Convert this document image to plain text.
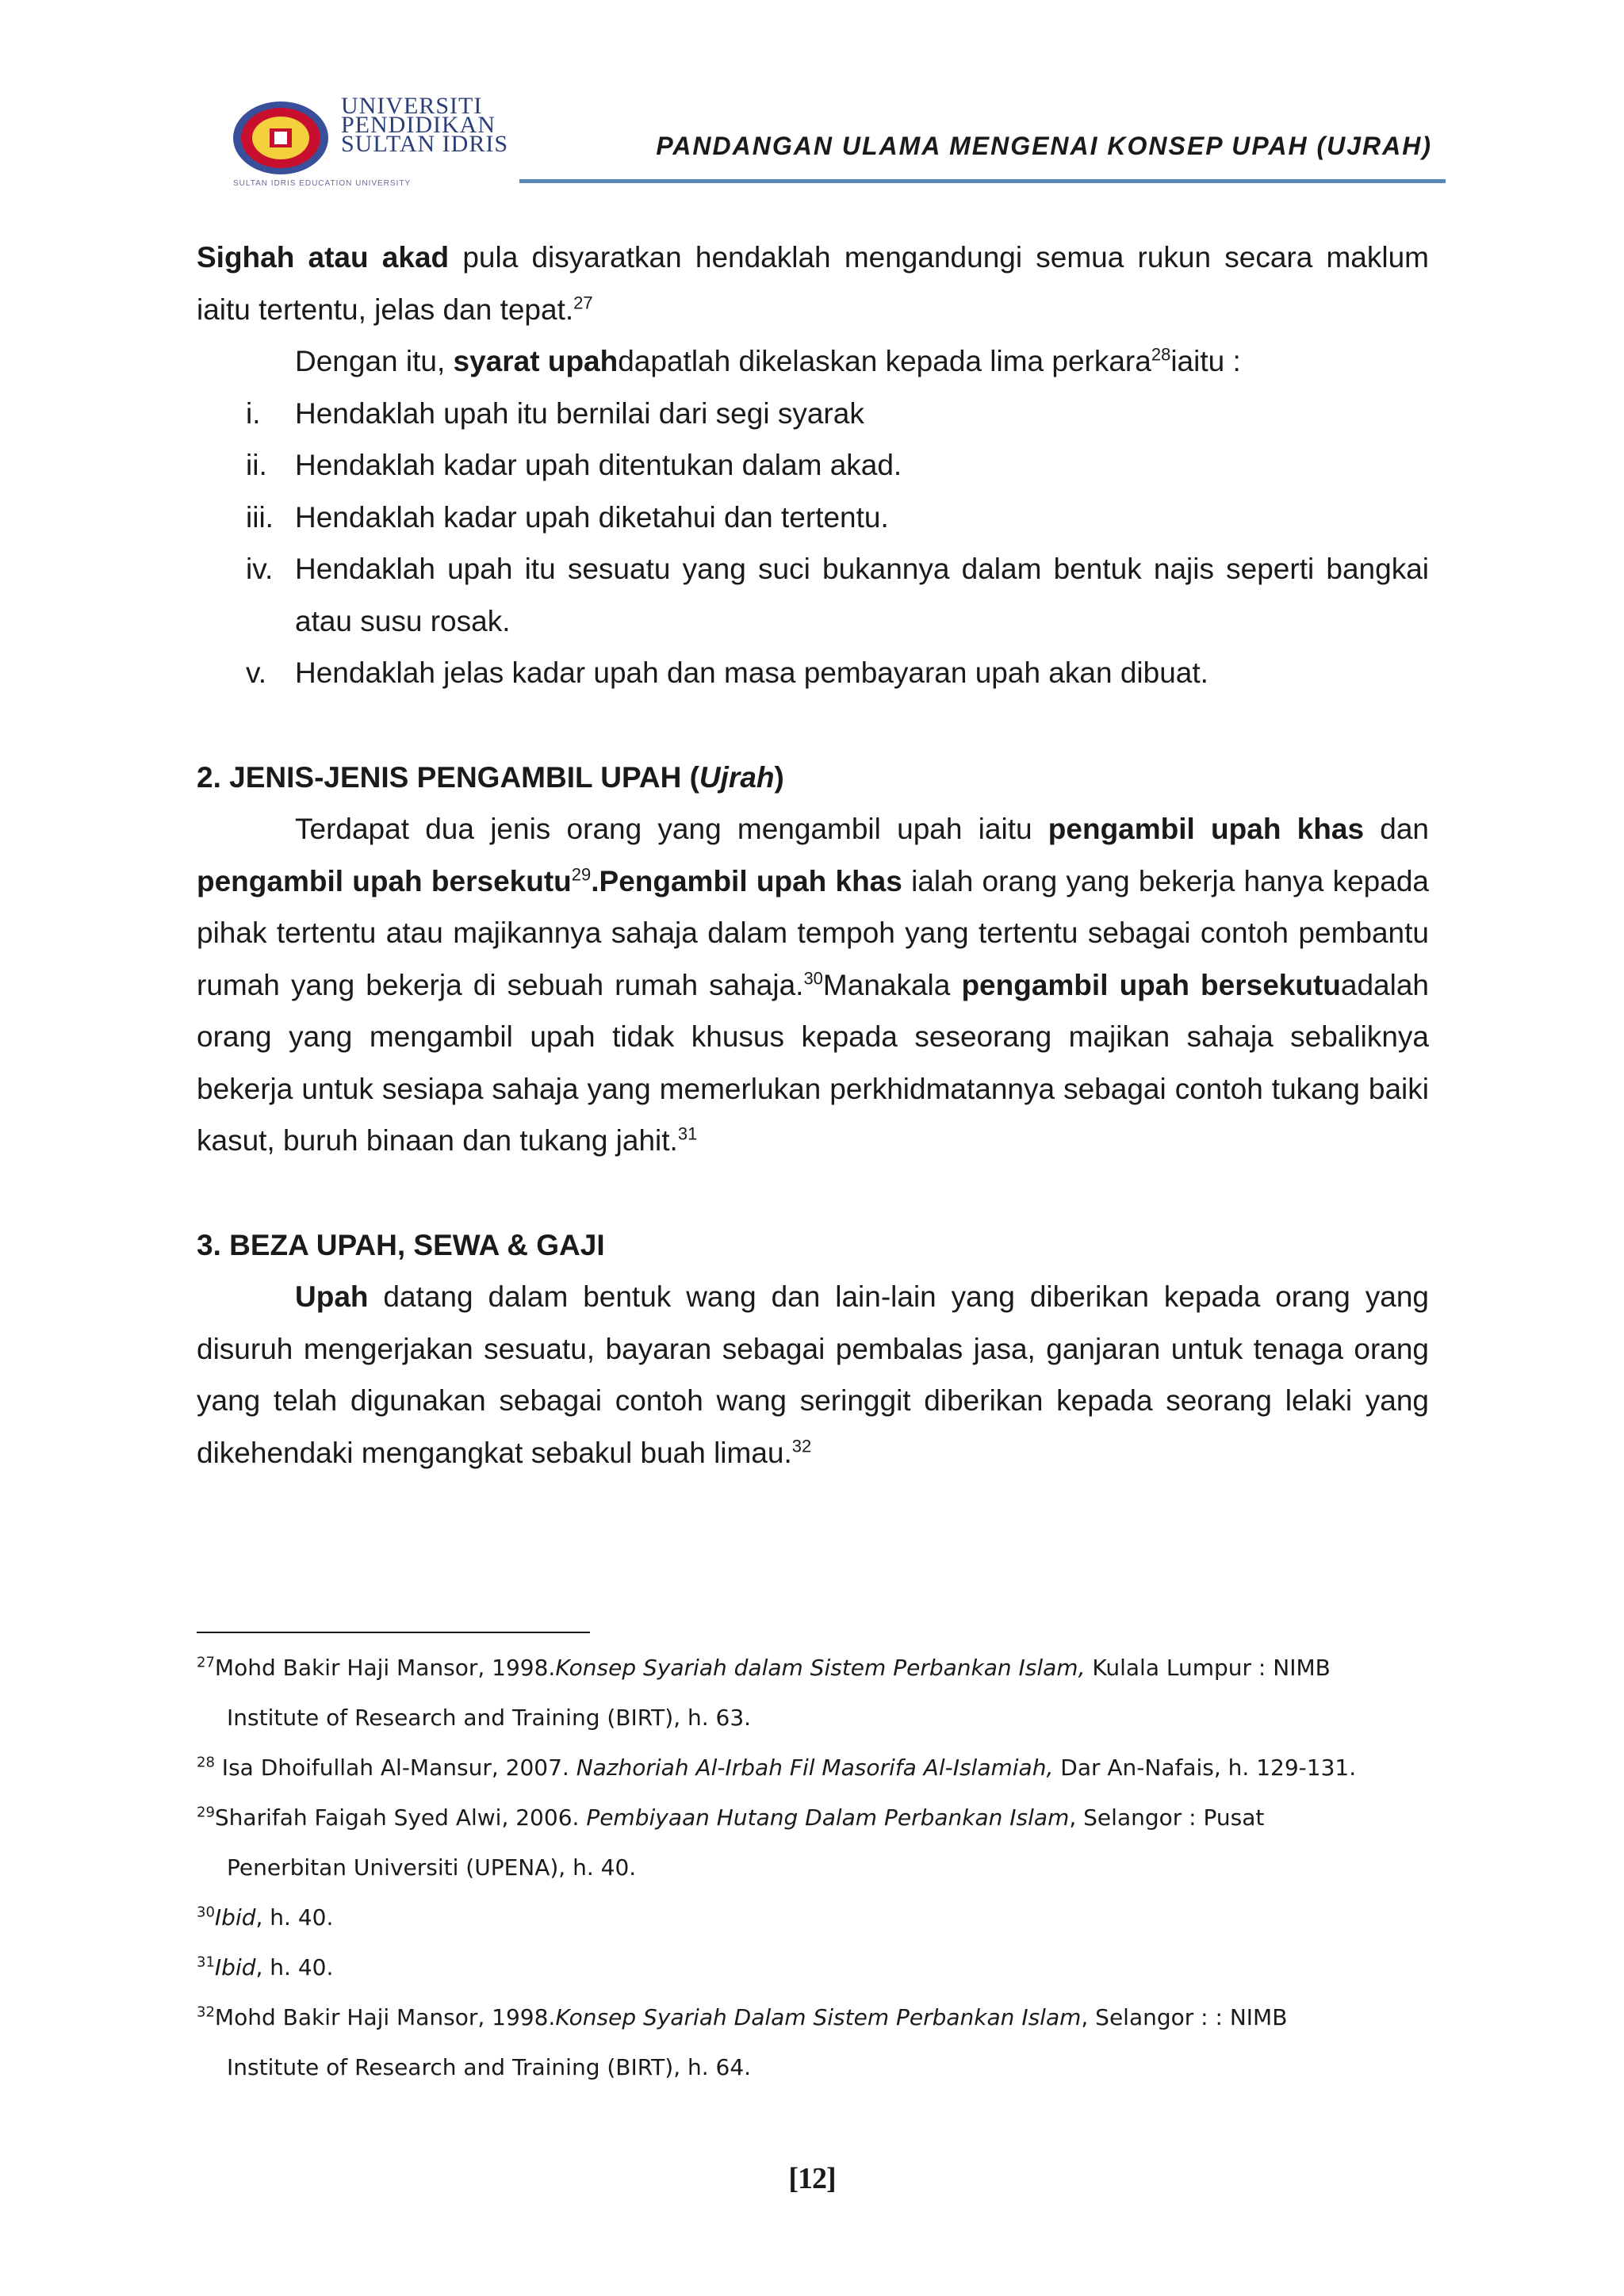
UNIVERSITI
PENDIDIKAN
SULTAN IDRIS
SULTAN IDRIS EDUCATION UNIVERSITY
PANDANGAN ULAMA MENGENAI KONSEP UPAH (UJRAH)

Sighah atau akad pula disyaratkan hendaklah mengandungi semua rukun secara maklum iaitu tertentu, jelas dan tepat.$^{27}$

Dengan itu, syarat upahdapatlah dikelaskan kepada lima perkara$^{28}$iaitu :

i.	Hendaklah upah itu bernilai dari segi syarak
ii. Hendaklah kadar upah ditentukan dalam akad.
iii. Hendaklah kadar upah diketahui dan tertentu.
iv. Hendaklah upah itu sesuatu yang suci bukannya dalam bentuk najis seperti bangkai atau susu rosak.
v. Hendaklah jelas kadar upah dan masa pembayaran upah akan dibuat.
2. JENIS-JENIS PENGAMBIL UPAH (Ujrah)

Terdapat dua jenis orang yang mengambil upah iaitu pengambil upah khas dan pengambil upah bersekutu$^{29}$.Pengambil upah khas ialah orang yang bekerja hanya kepada pihak tertentu atau majikannya sahaja dalam tempoh yang tertentu sebagai contoh pembantu rumah yang bekerja di sebuah rumah sahaja.$^{30}$Manakala pengambil upah bersekutuadalah orang yang mengambil upah tidak khusus kepada seseorang majikan sahaja sebaliknya bekerja untuk sesiapa sahaja yang memerlukan perkhidmatannya sebagai contoh tukang baiki kasut, buruh binaan dan tukang jahit.$^{31}$

3. BEZA UPAH, SEWA & GAJI

Upah datang dalam bentuk wang dan lain-lain yang diberikan kepada orang yang disuruh mengerjakan sesuatu, bayaran sebagai pembalas jasa, ganjaran untuk tenaga orang yang telah digunakan sebagai contoh wang seringgit diberikan kepada seorang lelaki yang dikehendaki mengangkat sebakul buah limau.$^{32}$

$^{27}$Mohd Bakir Haji Mansor, 1998.Konsep Syariah dalam Sistem Perbankan Islam, Kulala Lumpur : NIMB
Institute of Research and Training (BIRT), h. 63.
$^{28}$ Isa Dhoifullah Al-Mansur, 2007. Nazhoriah Al-Irbah Fil Masorifa Al-Islamiah, Dar An-Nafais, h. 129-131.
$^{29}$Sharifah Faigah Syed Alwi, 2006. Pembiyaan Hutang Dalam Perbankan Islam, Selangor : Pusat
Penerbitan Universiti (UPENA), h. 40.
$^{30}$Ibid, h. 40.
$^{31}$Ibid, h. 40.
$^{32}$Mohd Bakir Haji Mansor, 1998.Konsep Syariah Dalam Sistem Perbankan Islam, Selangor : : NIMB
Institute of Research and Training (BIRT), h. 64.
[12]
